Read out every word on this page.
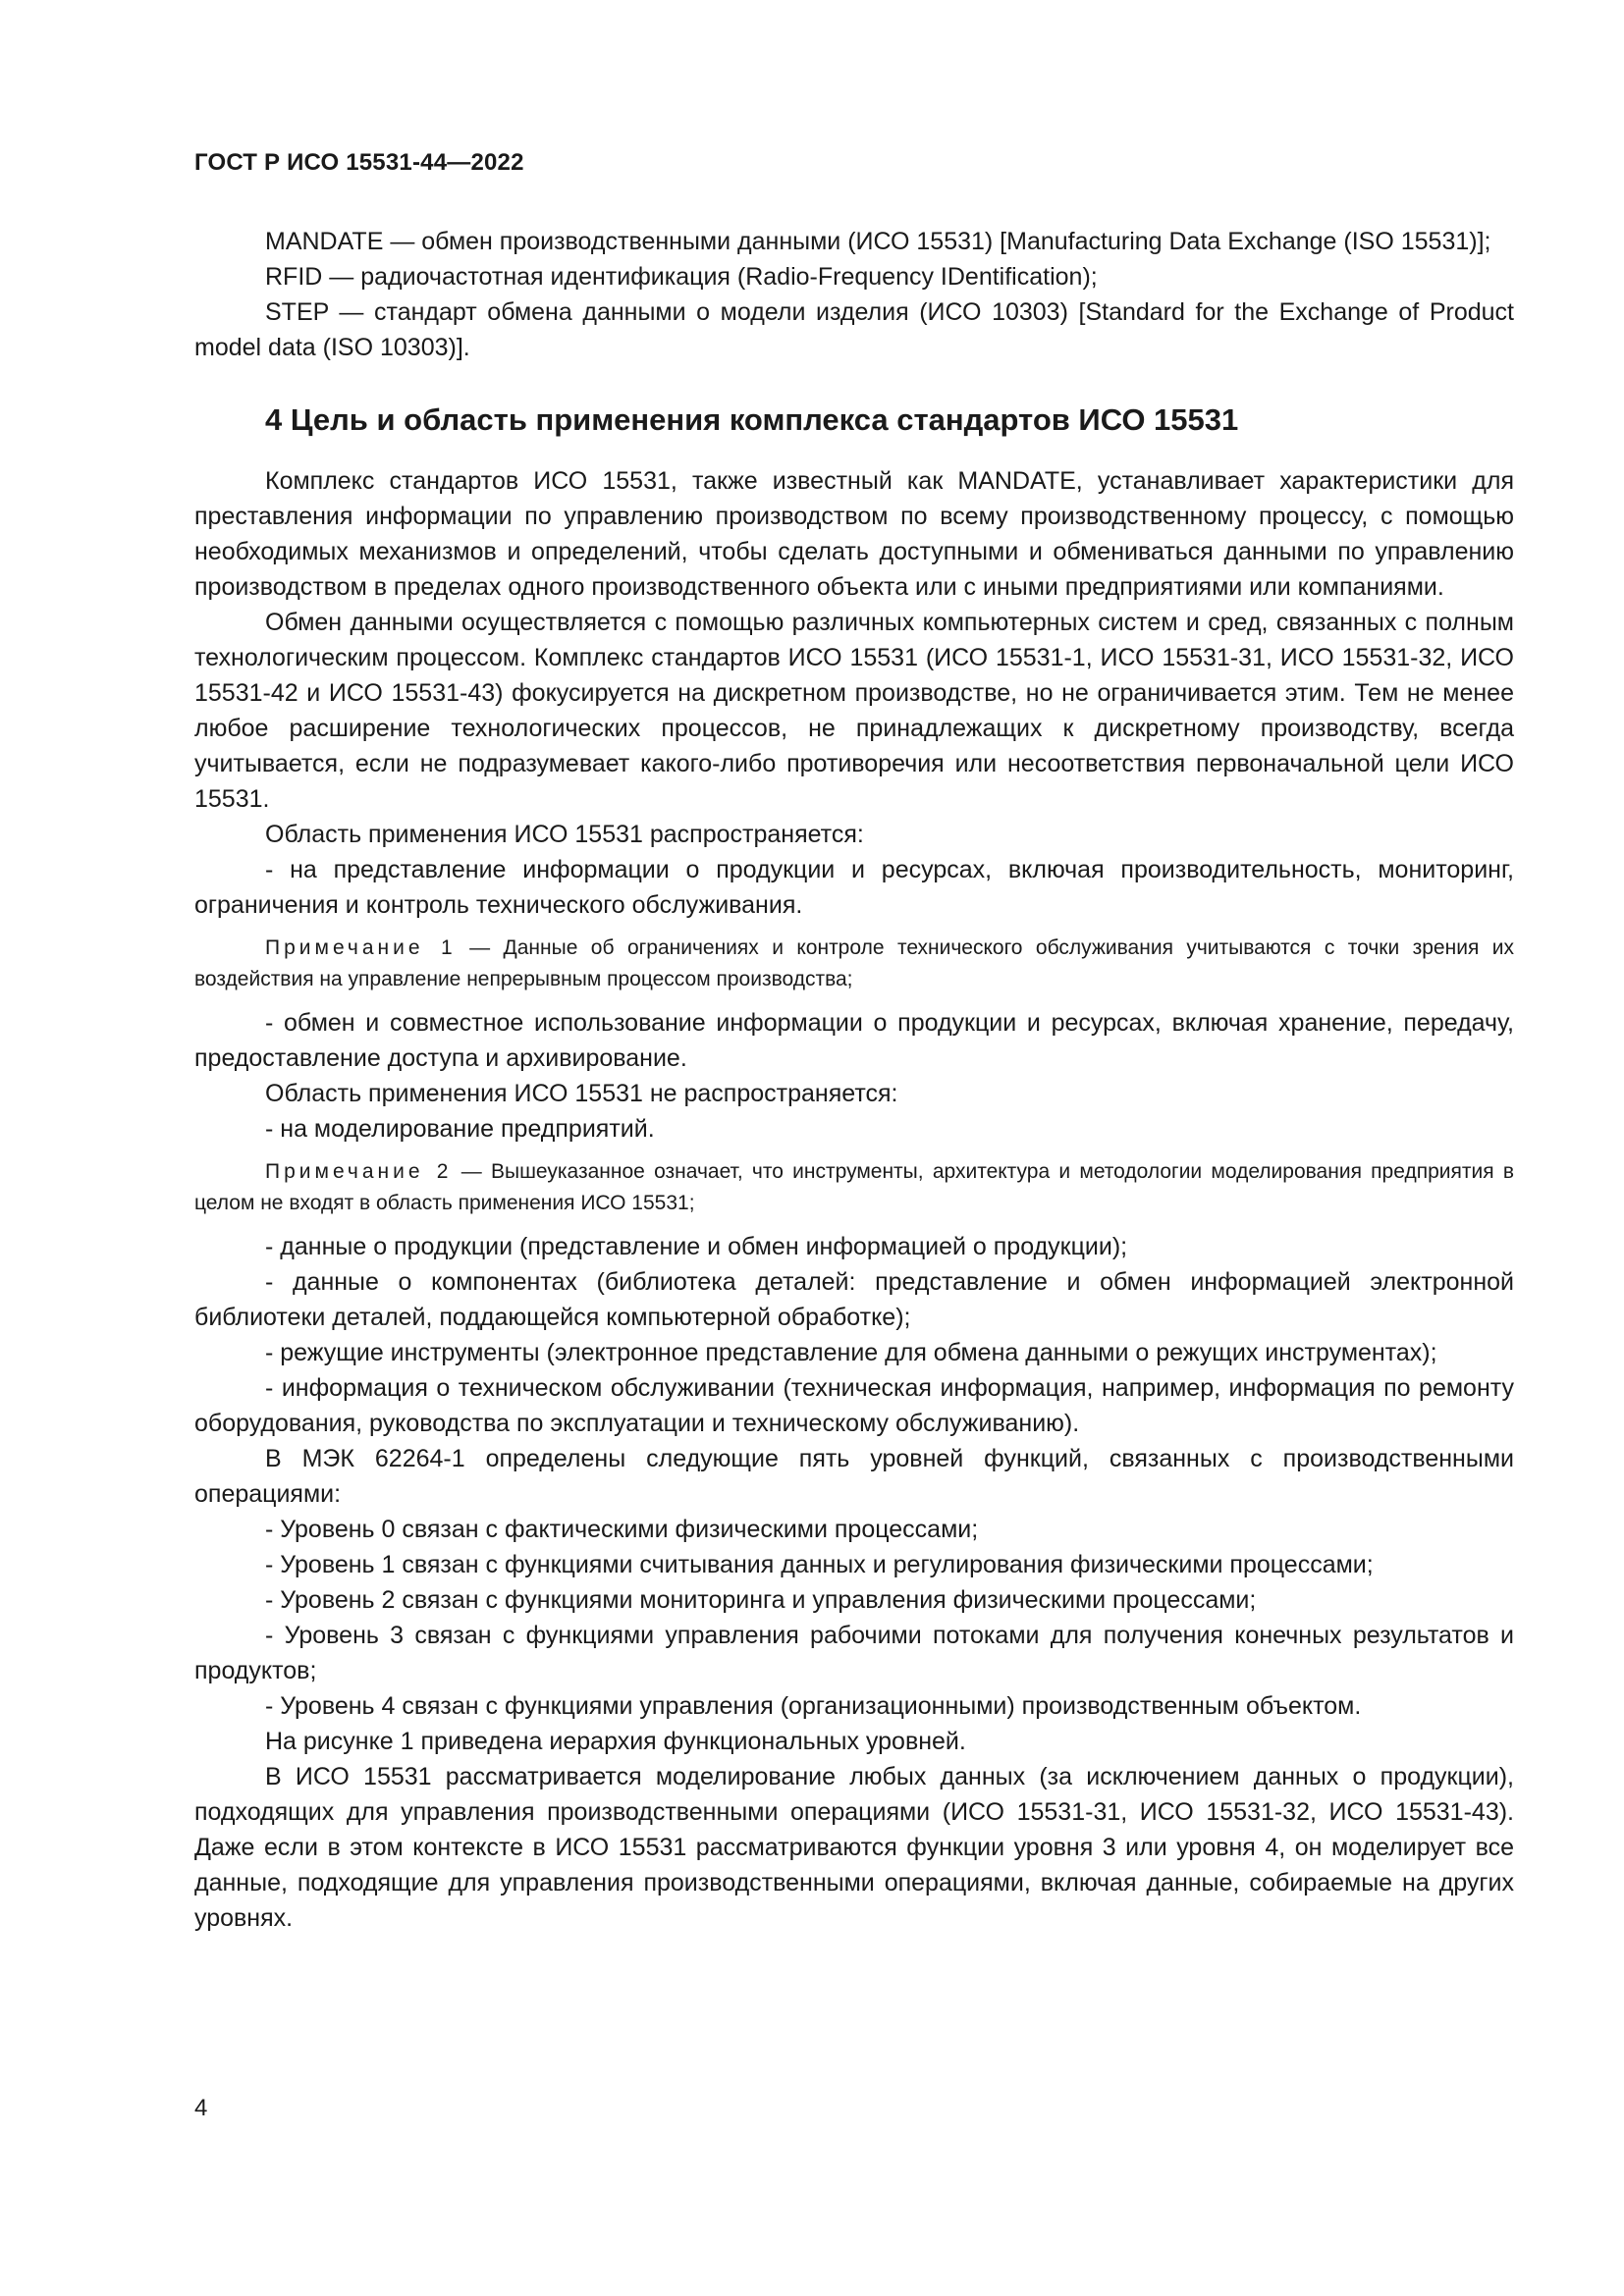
ГОСТ Р ИСО 15531-44—2022

MANDATE — обмен производственными данными (ИСО 15531) [Manufacturing Data Exchange (ISO 15531)];

RFID — радиочастотная идентификация (Radio-Frequency IDentification);

STEP — стандарт обмена данными о модели изделия (ИСО 10303) [Standard for the Exchange of Product model data (ISO 10303)].

4 Цель и область применения комплекса стандартов ИСО 15531

Комплекс стандартов ИСО 15531, также известный как MANDATE, устанавливает характеристики для преставления информации по управлению производством по всему производственному процессу, с помощью необходимых механизмов и определений, чтобы сделать доступными и обмениваться данными по управлению производством в пределах одного производственного объекта или с иными предприятиями или компаниями.

Обмен данными осуществляется с помощью различных компьютерных систем и сред, связанных с полным технологическим процессом. Комплекс стандартов ИСО 15531 (ИСО 15531-1, ИСО 15531-31, ИСО 15531-32, ИСО 15531-42 и ИСО 15531-43) фокусируется на дискретном производстве, но не ограничивается этим. Тем не менее любое расширение технологических процессов, не принадлежащих к дискретному производству, всегда учитывается, если не подразумевает какого-либо противоречия или несоответствия первоначальной цели ИСО 15531.

Область применения ИСО 15531 распространяется:

- на представление информации о продукции и ресурсах, включая производительность, мониторинг, ограничения и контроль технического обслуживания.

Примечание 1 — Данные об ограничениях и контроле технического обслуживания учитываются с точки зрения их воздействия на управление непрерывным процессом производства;

- обмен и совместное использование информации о продукции и ресурсах, включая хранение, передачу, предоставление доступа и архивирование.

Область применения ИСО 15531 не распространяется:

- на моделирование предприятий.

Примечание 2 — Вышеуказанное означает, что инструменты, архитектура и методологии моделирования предприятия в целом не входят в область применения ИСО 15531;

- данные о продукции (представление и обмен информацией о продукции);

- данные о компонентах (библиотека деталей: представление и обмен информацией электронной библиотеки деталей, поддающейся компьютерной обработке);

- режущие инструменты (электронное представление для обмена данными о режущих инструментах);

- информация о техническом обслуживании (техническая информация, например, информация по ремонту оборудования, руководства по эксплуатации и техническому обслуживанию).

В МЭК 62264-1 определены следующие пять уровней функций, связанных с производственными операциями:

- Уровень 0 связан с фактическими физическими процессами;

- Уровень 1 связан с функциями считывания данных и регулирования физическими процессами;

- Уровень 2 связан с функциями мониторинга и управления физическими процессами;

- Уровень 3 связан с функциями управления рабочими потоками для получения конечных результатов и продуктов;

- Уровень 4 связан с функциями управления (организационными) производственным объектом.

На рисунке 1 приведена иерархия функциональных уровней.

В ИСО 15531 рассматривается моделирование любых данных (за исключением данных о продукции), подходящих для управления производственными операциями (ИСО 15531-31, ИСО 15531-32, ИСО 15531-43). Даже если в этом контексте в ИСО 15531 рассматриваются функции уровня 3 или уровня 4, он моделирует все данные, подходящие для управления производственными операциями, включая данные, собираемые на других уровнях.

4
